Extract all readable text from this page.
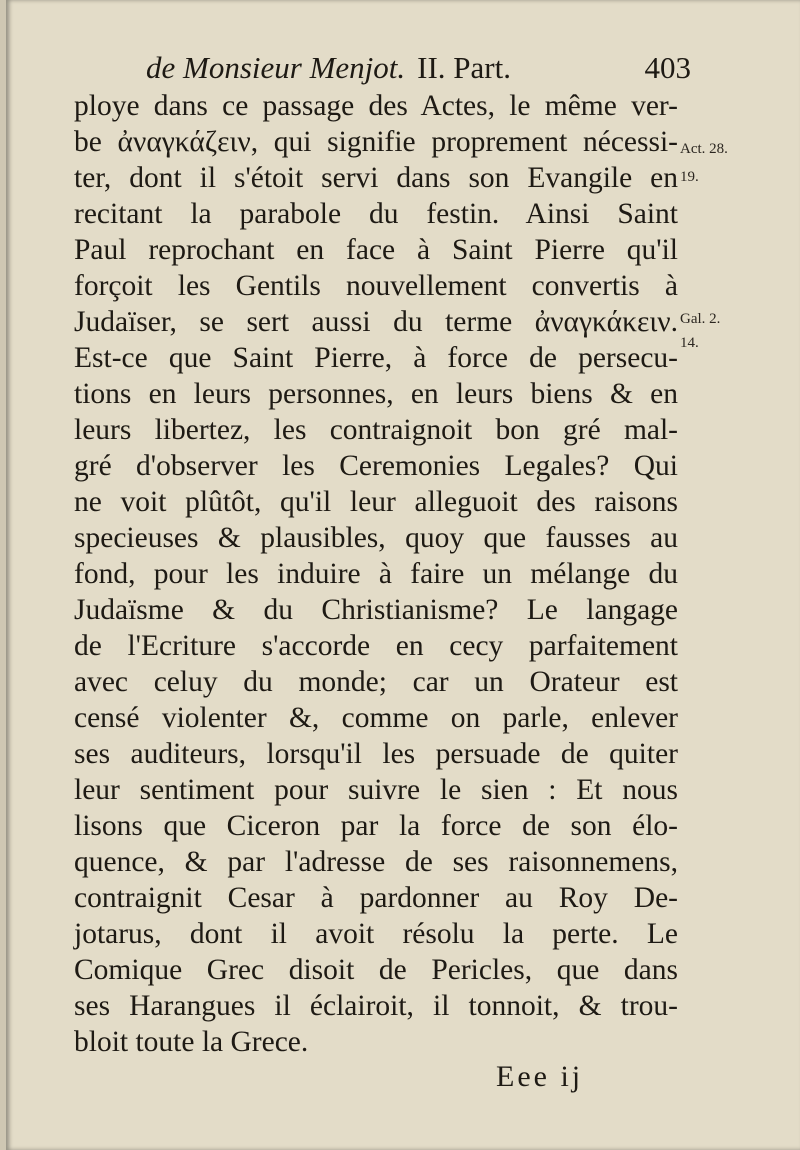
de Monsieur Menjot. II. Part.	403
ploye dans ce passage des Actes, le même ver-
be ἀναγκάζειν, qui signifie proprement nécessi-
ter, dont il s'étoit servi dans son Evangile en
recitant la parabole du festin. Ainsi Saint
Paul reprochant en face à Saint Pierre qu'il
forçoit les Gentils nouvellement convertis à
Judaïser, se sert aussi du terme ἀναγκάκειν.
Est-ce que Saint Pierre, à force de persecu-
tions en leurs personnes, en leurs biens & en
leurs libertez, les contraignoit bon gré mal-
gré d'observer les Ceremonies Legales? Qui
ne voit plûtôt, qu'il leur alleguoit des raisons
specieuses & plausibles, quoy que fausses au
fond, pour les induire à faire un mélange du
Judaïsme & du Christianisme? Le langage
de l'Ecriture s'accorde en cecy parfaitement
avec celuy du monde; car un Orateur est
censé violenter &, comme on parle, enlever
ses auditeurs, lorsqu'il les persuade de quiter
leur sentiment pour suivre le sien : Et nous
lisons que Ciceron par la force de son élo-
quence, & par l'adresse de ses raisonnemens,
contraignit Cesar à pardonner au Roy De-
jotarus, dont il avoit résolu la perte. Le
Comique Grec disoit de Pericles, que dans
ses Harangues il éclairoit, il tonnoit, & trou-
bloit toute la Grece.
Act. 28.
19.
Gal. 2.
14.
Eee ij
